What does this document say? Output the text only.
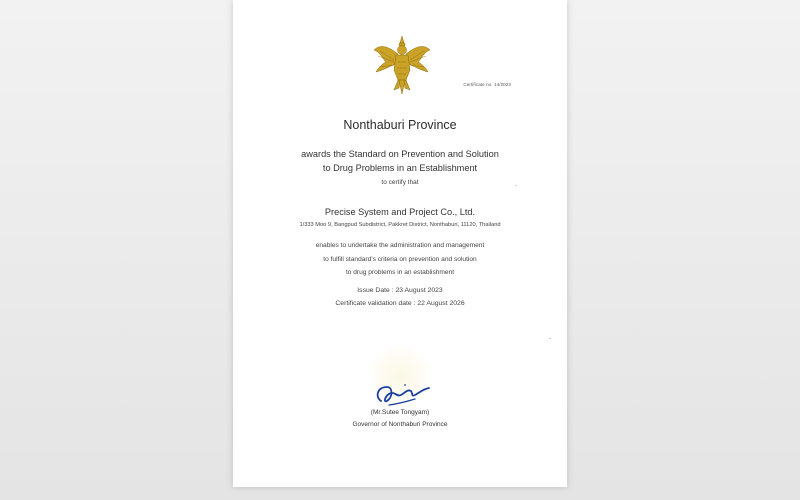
Certificate no. 14/2023
Nonthaburi Province
awards the Standard on Prevention and Solution
to Drug Problems in an Establishment
to certify that
Precise System and Project Co., Ltd.
1/333 Moo 9, Bangpud Subdistrict, Pakkret District, Nonthaburi, 11120, Thailand
enables to undertake the administration and management
to fulfill standard’s criteria on prevention and solution
to drug problems in an establishment
Issue Date : 23 August 2023
Certificate validation date : 22 August 2026
(Mr.Sutee Tongyam)
Governor of Nonthaburi Province
